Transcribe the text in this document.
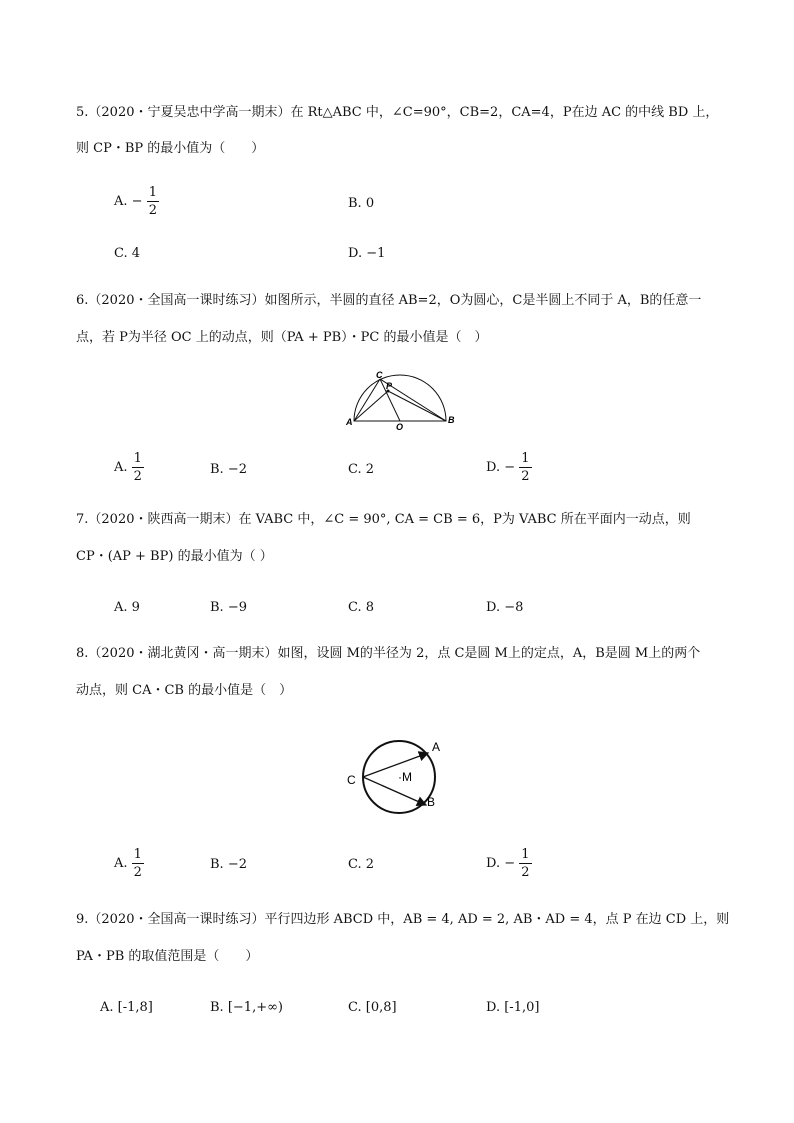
5.（2020・宁夏吴忠中学高一期末）在 Rt△ABC 中，∠C=90°，CB=2，CA=4，P在边 AC 的中线 BD 上，
则 CP・BP 的最小值为（　　）
A. − $\frac{1}{2}$	B. 0
C. 4	D. −1
6.（2020・全国高一课时练习）如图所示，半圆的直径 AB=2，O为圆心，C是半圆上不同于 A，B的任意一
点，若 P为半径 OC 上的动点，则（PA + PB）・PC 的最小值是（　）
C
P
A	O
B
A. $\frac{1}{2}$	B. −2	C. 2	D. − $\frac{1}{2}$
7.（2020・陕西高一期末）在 VABC 中，∠C = 90°, CA = CB = 6，P为 VABC 所在平面内一动点，则
CP・(AP + BP) 的最小值为（ ）
A. 9	B. −9	C. 8	D. −8
8.（2020・湖北黄冈・高一期末）如图，设圆 M的半径为 2，点 C是圆 M上的定点，A，B是圆 M上的两个
动点，则 CA・CB 的最小值是（　）
A
C	·M
B
A. $\frac{1}{2}$	B. −2	C. 2	D. − $\frac{1}{2}$
9.（2020・全国高一课时练习）平行四边形 ABCD 中，AB = 4, AD = 2, AB・AD = 4，点 P 在边 CD 上，则
PA・PB 的取值范围是（　　）
A. [-1,8]	B. [−1,+∞)	C. [0,8]	D. [-1,0]
